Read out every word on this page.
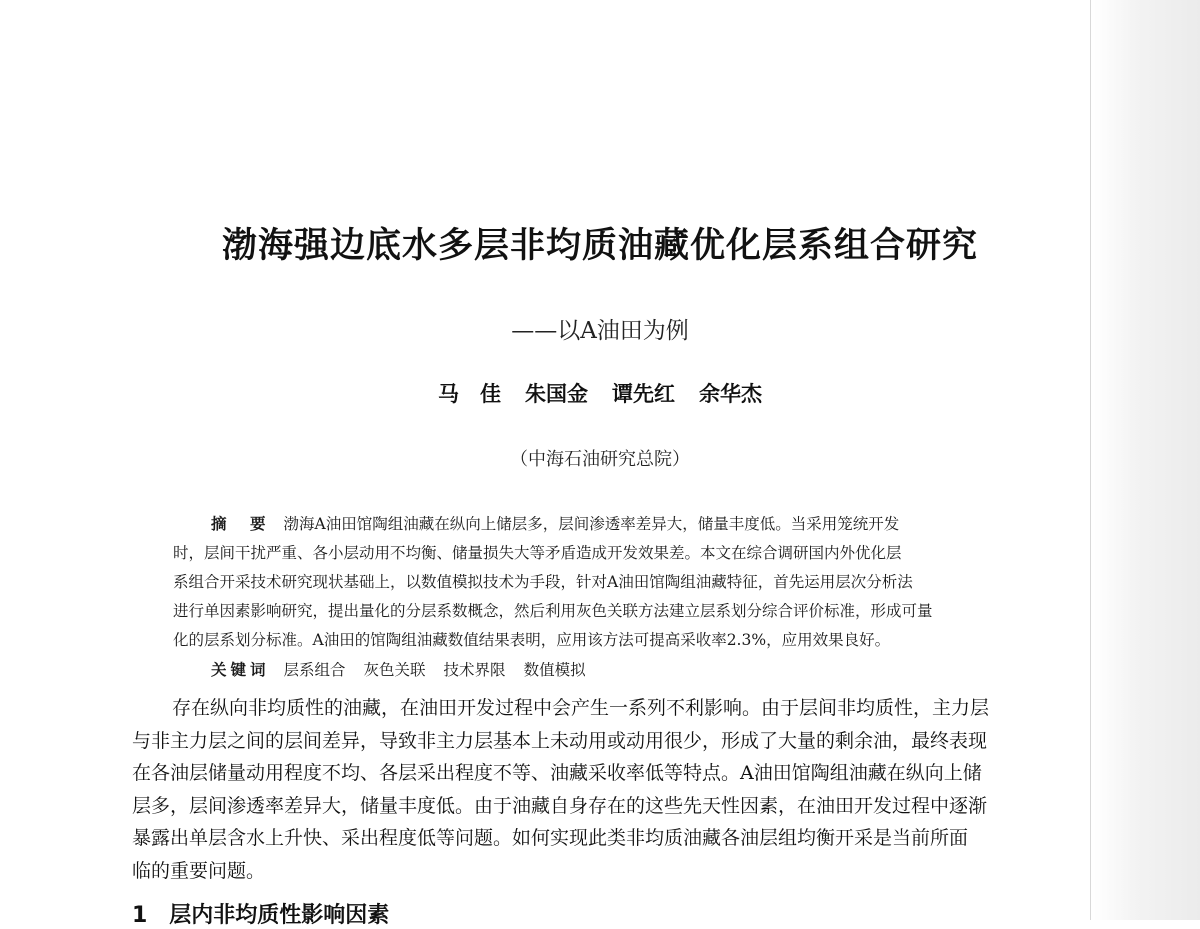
渤海强边底水多层非均质油藏优化层系组合研究
——以A油田为例
马　佳 朱国金 谭先红 余华杰
（中海石油研究总院）
摘　要 渤海A油田馆陶组油藏在纵向上储层多，层间渗透率差异大，储量丰度低。当采用笼统开发
时，层间干扰严重、各小层动用不均衡、储量损失大等矛盾造成开发效果差。本文在综合调研国内外优化层
系组合开采技术研究现状基础上，以数值模拟技术为手段，针对A油田馆陶组油藏特征，首先运用层次分析法
进行单因素影响研究，提出量化的分层系数概念，然后利用灰色关联方法建立层系划分综合评价标准，形成可量
化的层系划分标准。A油田的馆陶组油藏数值结果表明，应用该方法可提高采收率2.3%，应用效果良好。
关键词 层系组合 灰色关联 技术界限 数值模拟
存在纵向非均质性的油藏，在油田开发过程中会产生一系列不利影响。由于层间非均质性，主力层
与非主力层之间的层间差异，导致非主力层基本上未动用或动用很少，形成了大量的剩余油，最终表现
在各油层储量动用程度不均、各层采出程度不等、油藏采收率低等特点。A油田馆陶组油藏在纵向上储
层多，层间渗透率差异大，储量丰度低。由于油藏自身存在的这些先天性因素，在油田开发过程中逐渐
暴露出单层含水上升快、采出程度低等问题。如何实现此类非均质油藏各油层组均衡开采是当前所面
临的重要问题。
1　层内非均质性影响因素
